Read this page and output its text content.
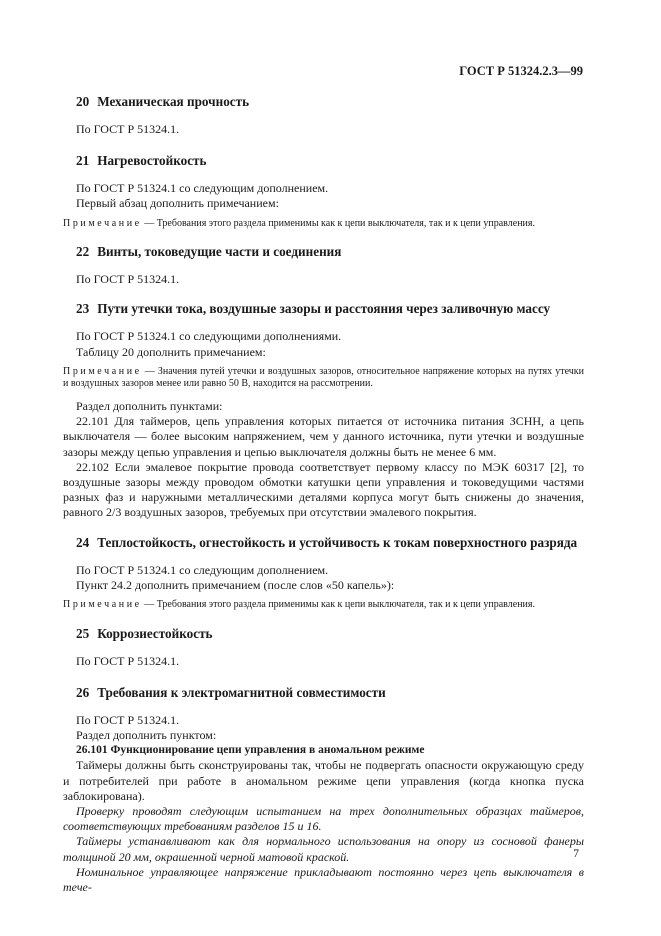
ГОСТ Р 51324.2.3—99
20 Механическая прочность

По ГОСТ Р 51324.1.

21 Нагревостойкость

По ГОСТ Р 51324.1 со следующим дополнением.

Первый абзац дополнить примечанием:

Примечание — Требования этого раздела применимы как к цепи выключателя, так и к цепи управления.
22 Винты, токоведущие части и соединения

По ГОСТ Р 51324.1.

23 Пути утечки тока, воздушные зазоры и расстояния через заливочную массу

По ГОСТ Р 51324.1 со следующими дополнениями.

Таблицу 20 дополнить примечанием:

Примечание — Значения путей утечки и воздушных зазоров, относительное напряжение которых на путях утечки и воздушных зазоров менее или равно 50 В, находится на рассмотрении.

Раздел дополнить пунктами:

22.101 Для таймеров, цепь управления которых питается от источника питания ЗСНН, а цепь выключателя — более высоким напряжением, чем у данного источника, пути утечки и воздушные зазоры между цепью управления и цепью выключателя должны быть не менее 6 мм.

22.102 Если эмалевое покрытие провода соответствует первому классу по МЭК 60317 [2], то воздушные зазоры между проводом обмотки катушки цепи управления и токоведущими частями разных фаз и наружными металлическими деталями корпуса могут быть снижены до значения, равного 2/3 воздушных зазоров, требуемых при отсутствии эмалевого покрытия.

24 Теплостойкость, огнестойкость и устойчивость к токам поверхностного разряда

По ГОСТ Р 51324.1 со следующим дополнением.

Пункт 24.2 дополнить примечанием (после слов «50 капель»):

Примечание — Требования этого раздела применимы как к цепи выключателя, так и к цепи управления.
25 Коррозиестойкость

По ГОСТ Р 51324.1.

26 Требования к электромагнитной совместимости

По ГОСТ Р 51324.1.

Раздел дополнить пунктом:

26.101 Функционирование цепи управления в аномальном режиме

Таймеры должны быть сконструированы так, чтобы не подвергать опасности окружающую среду и потребителей при работе в аномальном режиме цепи управления (когда кнопка пуска заблокирована).

Проверку проводят следующим испытанием на трех дополнительных образцах таймеров, соответствующих требованиям разделов 15 и 16.

Таймеры устанавливают как для нормального использования на опору из сосновой фанеры толщиной 20 мм, окрашенной черной матовой краской.

Номинальное управляющее напряжение прикладывают постоянно через цепь выключателя в тече-

7
